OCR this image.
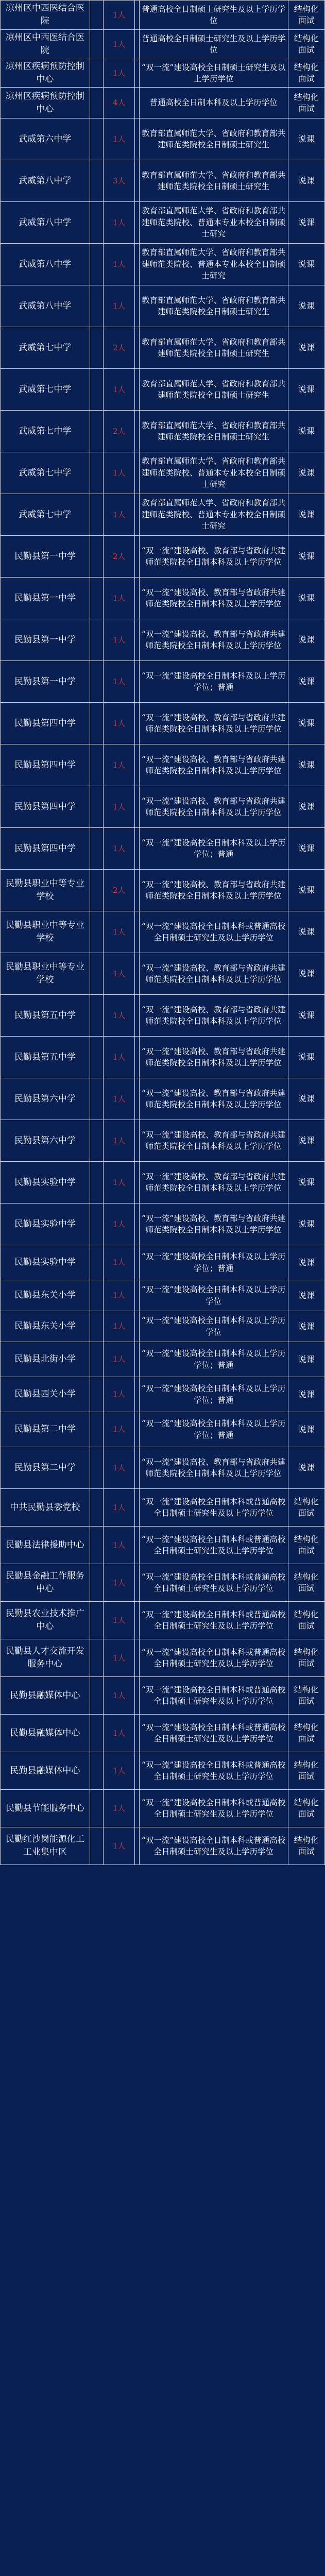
凉州区中西医结合医院		1人		普通高校全日制硕士研究生及以上学历学位	结构化面试
凉州区中西医结合医院		1人		普通高校全日制硕士研究生及以上学历学位	结构化面试
凉州区疾病预防控制中心		1人		“双一流”建设高校全日制硕士研究生及以上学历学位	结构化面试
凉州区疾病预防控制中心		4人		普通高校全日制本科及以上学历学位	结构化面试
武威第六中学		1人		教育部直属师范大学、省政府和教育部共建师范类院校全日制硕士研究生	说课
武威第八中学		3人		教育部直属师范大学、省政府和教育部共建师范类院校全日制硕士研究生	说课
武威第八中学		1人		教育部直属师范大学、省政府和教育部共建师范类院校、普通本专业本校全日制硕士研究	说课
武威第八中学		1人		教育部直属师范大学、省政府和教育部共建师范类院校、普通本专业本校全日制硕士研究	说课
武威第八中学		1人		教育部直属师范大学、省政府和教育部共建师范类院校全日制硕士研究生	说课
武威第七中学		2人		教育部直属师范大学、省政府和教育部共建师范类院校全日制硕士研究生	说课
武威第七中学		1人		教育部直属师范大学、省政府和教育部共建师范类院校全日制硕士研究生	说课
武威第七中学		2人		教育部直属师范大学、省政府和教育部共建师范类院校全日制硕士研究生	说课
武威第七中学		1人		教育部直属师范大学、省政府和教育部共建师范类院校、普通本专业本校全日制硕士研究	说课
武威第七中学		1人		教育部直属师范大学、省政府和教育部共建师范类院校、普通本专业本校全日制硕士研究	说课
民勤县第一中学		2人		“双一流”建设高校、教育部与省政府共建师范类院校全日制本科及以上学历学位	说课
民勤县第一中学		1人		“双一流”建设高校、教育部与省政府共建师范类院校全日制本科及以上学历学位	说课
民勤县第一中学		1人		“双一流”建设高校、教育部与省政府共建师范类院校全日制本科及以上学历学位	说课
民勤县第一中学		1人		“双一流”建设高校全日制本科及以上学历学位；普通	说课
民勤县第四中学		1人		“双一流”建设高校、教育部与省政府共建师范类院校全日制本科及以上学历学位	说课
民勤县第四中学		1人		“双一流”建设高校、教育部与省政府共建师范类院校全日制本科及以上学历学位	说课
民勤县第四中学		1人		“双一流”建设高校、教育部与省政府共建师范类院校全日制本科及以上学历学位	说课
民勤县第四中学		1人		“双一流”建设高校全日制本科及以上学历学位；普通	说课
民勤县职业中等专业学校		2人		“双一流”建设高校、教育部与省政府共建师范类院校全日制本科及以上学历学位	说课
民勤县职业中等专业学校		1人		“双一流”建设高校全日制本科或普通高校全日制硕士研究生及以上学历学位	说课
民勤县职业中等专业学校		1人		“双一流”建设高校、教育部与省政府共建师范类院校全日制本科及以上学历学位	说课
民勤县第五中学		1人		“双一流”建设高校、教育部与省政府共建师范类院校全日制本科及以上学历学位	说课
民勤县第五中学		1人		“双一流”建设高校、教育部与省政府共建师范类院校全日制本科及以上学历学位	说课
民勤县第六中学		1人		“双一流”建设高校、教育部与省政府共建师范类院校全日制本科及以上学历学位	说课
民勤县第六中学		1人		“双一流”建设高校、教育部与省政府共建师范类院校全日制本科及以上学历学位	说课
民勤县实验中学		1人		“双一流”建设高校、教育部与省政府共建师范类院校全日制本科及以上学历学位	说课
民勤县实验中学		1人		“双一流”建设高校、教育部与省政府共建师范类院校全日制本科及以上学历学位	说课
民勤县实验中学		1人		“双一流”建设高校全日制本科及以上学历学位；普通	说课
民勤县东关小学		1人		“双一流”建设高校全日制本科及以上学历学位	说课
民勤县东关小学		1人		“双一流”建设高校全日制本科及以上学历学位	说课
民勤县北街小学		1人		“双一流”建设高校全日制本科及以上学历学位；普通	说课
民勤县西关小学		1人		“双一流”建设高校全日制本科及以上学历学位；普通	说课
民勤县第二中学		1人		“双一流”建设高校全日制本科及以上学历学位；普通	说课
民勤县第二中学		1人		“双一流”建设高校、教育部与省政府共建师范类院校全日制本科及以上学历学位	说课
中共民勤县委党校		1人		“双一流”建设高校全日制本科或普通高校全日制硕士研究生及以上学历学位	结构化面试
民勤县法律援助中心		1人		“双一流”建设高校全日制本科或普通高校全日制硕士研究生及以上学历学位	结构化面试
民勤县金融工作服务中心		1人		“双一流”建设高校全日制本科或普通高校全日制硕士研究生及以上学历学位	结构化面试
民勤县农业技术推广中心		1人		“双一流”建设高校全日制本科或普通高校全日制硕士研究生及以上学历学位	结构化面试
民勤县人才交流开发服务中心		1人		“双一流”建设高校全日制本科或普通高校全日制硕士研究生及以上学历学位	结构化面试
民勤县融媒体中心		1人		“双一流”建设高校全日制本科或普通高校全日制硕士研究生及以上学历学位	结构化面试
民勤县融媒体中心		1人		“双一流”建设高校全日制本科或普通高校全日制硕士研究生及以上学历学位	结构化面试
民勤县融媒体中心		1人		“双一流”建设高校全日制本科或普通高校全日制硕士研究生及以上学历学位	结构化面试
民勤县节能服务中心		1人		“双一流”建设高校全日制本科或普通高校全日制硕士研究生及以上学历学位	结构化面试
民勤红沙岗能源化工工业集中区		1人		“双一流”建设高校全日制本科或普通高校全日制硕士研究生及以上学历学位	结构化面试
